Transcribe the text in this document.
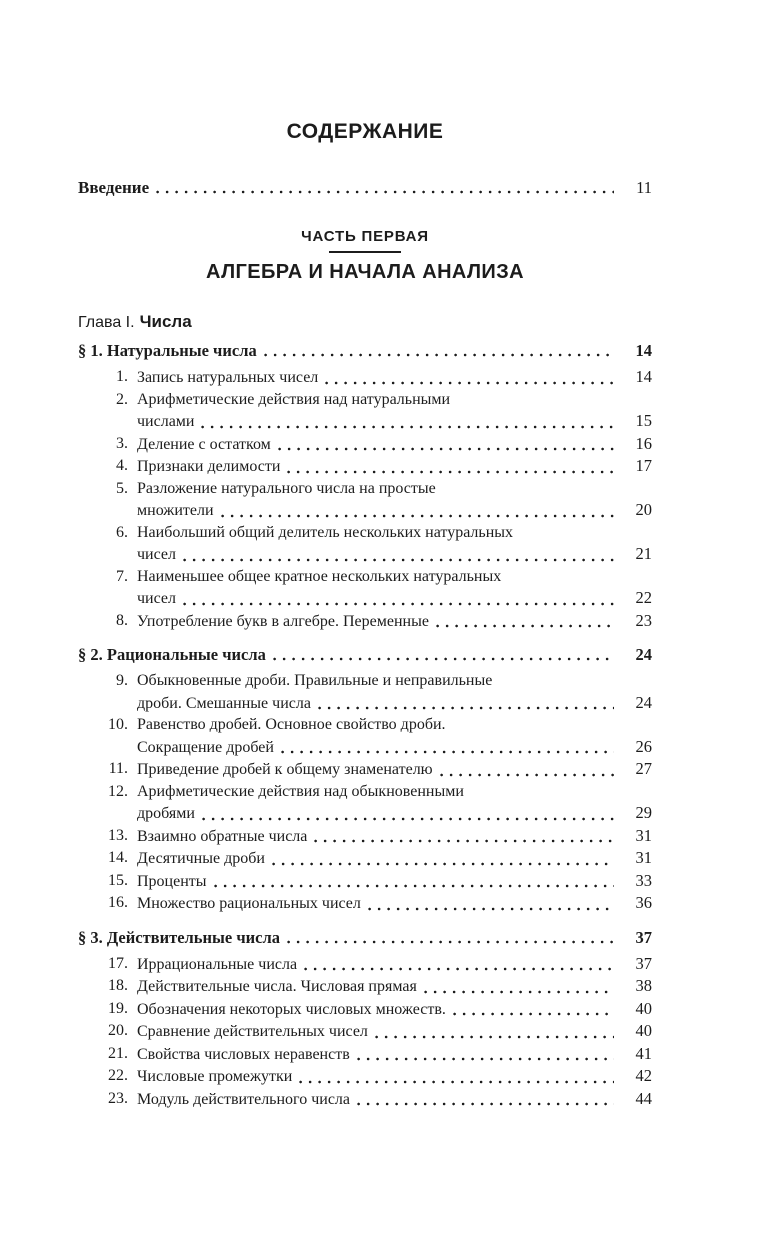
СОДЕРЖАНИЕ
Введение	11
ЧАСТЬ ПЕРВАЯ
АЛГЕБРА И НАЧАЛА АНАЛИЗА
Глава I. Числа
§ 1. Натуральные числа	14
1. Запись натуральных чисел	14
2. Арифметические действия над натуральными
числами	15
3. Деление с остатком	16
4. Признаки делимости	17
5. Разложение натурального числа на простые
множители	20
6. Наибольший общий делитель нескольких натуральных
чисел	21
7. Наименьшее общее кратное нескольких натуральных
чисел	22
8. Употребление букв в алгебре. Переменные	23
§ 2. Рациональные числа	24
9. Обыкновенные дроби. Правильные и неправильные
дроби. Смешанные числа	24
10. Равенство дробей. Основное свойство дроби.
Сокращение дробей	26
11. Приведение дробей к общему знаменателю	27
12. Арифметические действия над обыкновенными
дробями	29
13. Взаимно обратные числа	31
14. Десятичные дроби	31
15. Проценты	33
16. Множество рациональных чисел	36
§ 3. Действительные числа	37
17. Иррациональные числа	37
18. Действительные числа. Числовая прямая	38
19. Обозначения некоторых числовых множеств.	40
20. Сравнение действительных чисел	40
21. Свойства числовых неравенств	41
22. Числовые промежутки	42
23. Модуль действительного числа	44
